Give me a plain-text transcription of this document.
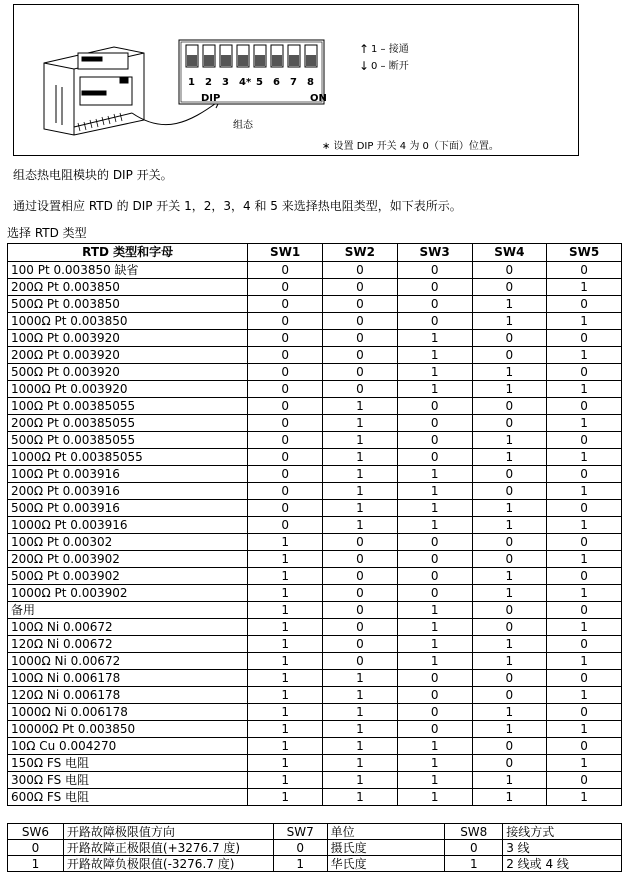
1 2 3 4* 5 6 7 8
DIP	ON
组态
↑ 1 – 接通
↓ 0 – 断开
∗ 设置 DIP 开关 4 为 0（下面）位置。

组态热电阻模块的 DIP 开关。

通过设置相应 RTD 的 DIP 开关 1，2，3，4 和 5 来选择热电阻类型，如下表所示。

选择 RTD 类型

RTD 类型和字母	SW1	SW2	SW3	SW4	SW5
100 Pt 0.003850 缺省	0	0	0	0	0
200Ω Pt 0.003850	0	0	0	0	1
500Ω Pt 0.003850	0	0	0	1	0
1000Ω Pt 0.003850	0	0	0	1	1
100Ω Pt 0.003920	0	0	1	0	0
200Ω Pt 0.003920	0	0	1	0	1
500Ω Pt 0.003920	0	0	1	1	0
1000Ω Pt 0.003920	0	0	1	1	1
100Ω Pt 0.00385055	0	1	0	0	0
200Ω Pt 0.00385055	0	1	0	0	1
500Ω Pt 0.00385055	0	1	0	1	0
1000Ω Pt 0.00385055	0	1	0	1	1
100Ω Pt 0.003916	0	1	1	0	0
200Ω Pt 0.003916	0	1	1	0	1
500Ω Pt 0.003916	0	1	1	1	0
1000Ω Pt 0.003916	0	1	1	1	1
100Ω Pt 0.00302	1	0	0	0	0
200Ω Pt 0.003902	1	0	0	0	1
500Ω Pt 0.003902	1	0	0	1	0
1000Ω Pt 0.003902	1	0	0	1	1
备用	1	0	1	0	0
100Ω Ni 0.00672	1	0	1	0	1
120Ω Ni 0.00672	1	0	1	1	0
1000Ω Ni 0.00672	1	0	1	1	1
100Ω Ni 0.006178	1	1	0	0	0
120Ω Ni 0.006178	1	1	0	0	1
1000Ω Ni 0.006178	1	1	0	1	0
10000Ω Pt 0.003850	1	1	0	1	1
10Ω Cu 0.004270	1	1	1	0	0
150Ω FS 电阻	1	1	1	0	1
300Ω FS 电阻	1	1	1	1	0
600Ω FS 电阻	1	1	1	1	1
SW6	开路故障极限值方向	SW7	单位	SW8	接线方式
0	开路故障正极限值(+3276.7 度)	0	摄氏度	0	3 线
1	开路故障负极限值(-3276.7 度)	1	华氏度	1	2 线或 4 线
